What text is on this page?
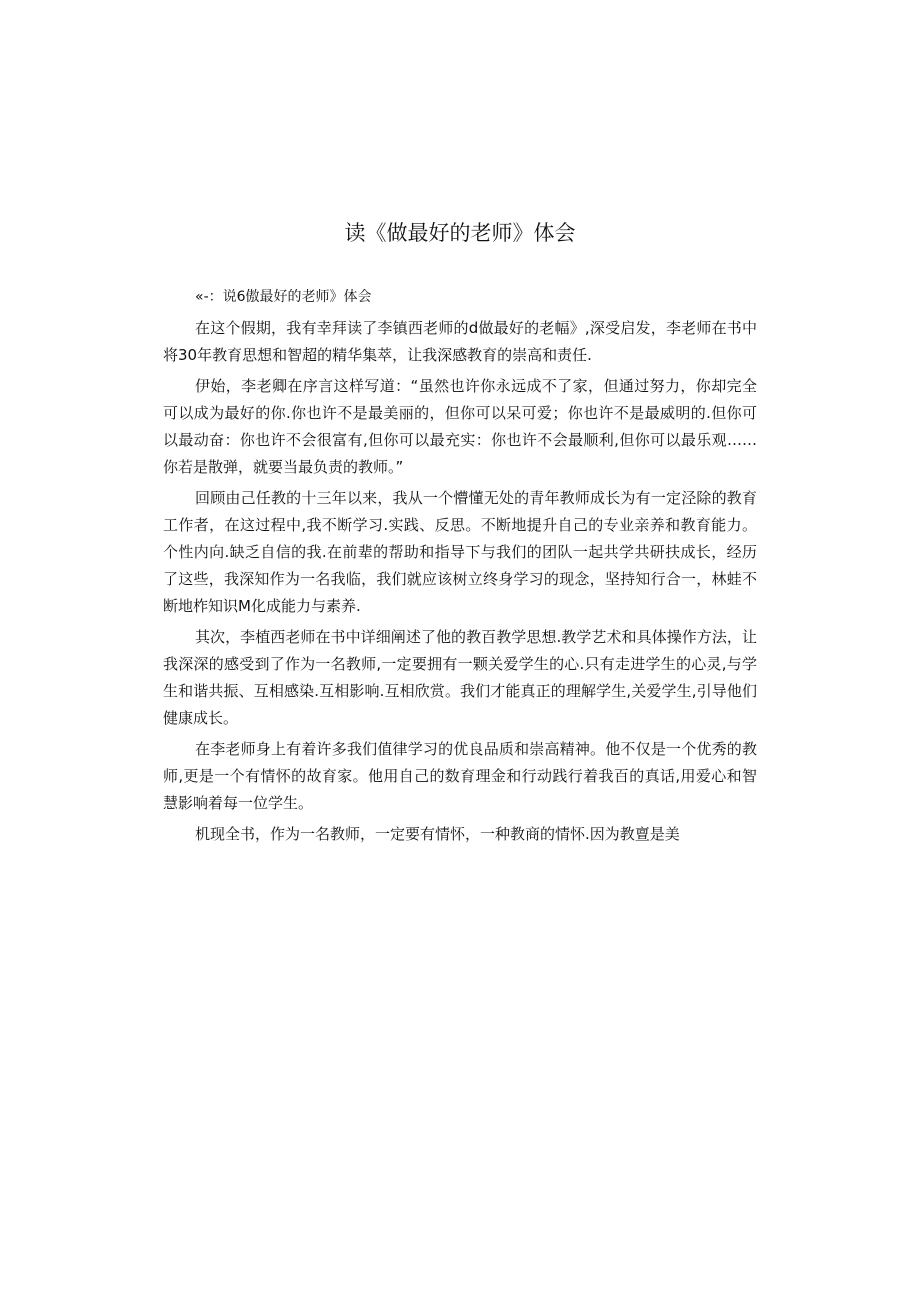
读《做最好的老师》体会

«-：说6傲最好的老师》体会

在这个假期，我有幸拜读了李镇西老师的d做最好的老幅》,深受启发，李老师在书中将30年教育思想和智超的精华集萃，让我深感教育的崇高和责任.

伊始，李老卿在序言这样写道：“虽然也许你永远成不了家，但通过努力，你却完全可以成为最好的你.你也许不是最美丽的，但你可以呆可爱；你也许不是最威明的.但你可以最动奋：你也许不会很富有,但你可以最充实：你也许不会最顺利,但你可以最乐观……你若是散弹，就要当最负责的教师。”

回顾由己任教的十三年以来，我从一个懵懂无处的青年教师成长为有一定泾除的教育工作者，在这过程中,我不断学习.实践、反思。不断地提升自己的专业亲养和教育能力。个性内向.缺乏自信的我.在前辈的帮助和指导下与我们的团队一起共学共研扶成长，经历了这些，我深知作为一名我临，我们就应该树立终身学习的现念，坚持知行合一，林蛙不断地柞知识M化成能力与素养.

其次，李植西老师在书中详细阐述了他的教百教学思想.教学艺术和具体操作方法，让我深深的感受到了作为一名教师,一定要拥有一颗关爱学生的心.只有走进学生的心灵,与学生和谐共振、互相感染.互相影响.互相欣赏。我们才能真正的理解学生,关爱学生,引导他们健康成长。

在李老师身上有着许多我们值律学习的优良品质和崇高精神。他不仅是一个优秀的教师,更是一个有情怀的故育家。他用自己的数育理金和行动践行着我百的真话,用爱心和智慧影响着每一位学生。

机现全书，作为一名教师，一定要有情怀，一种教商的情怀.因为教亶是美
